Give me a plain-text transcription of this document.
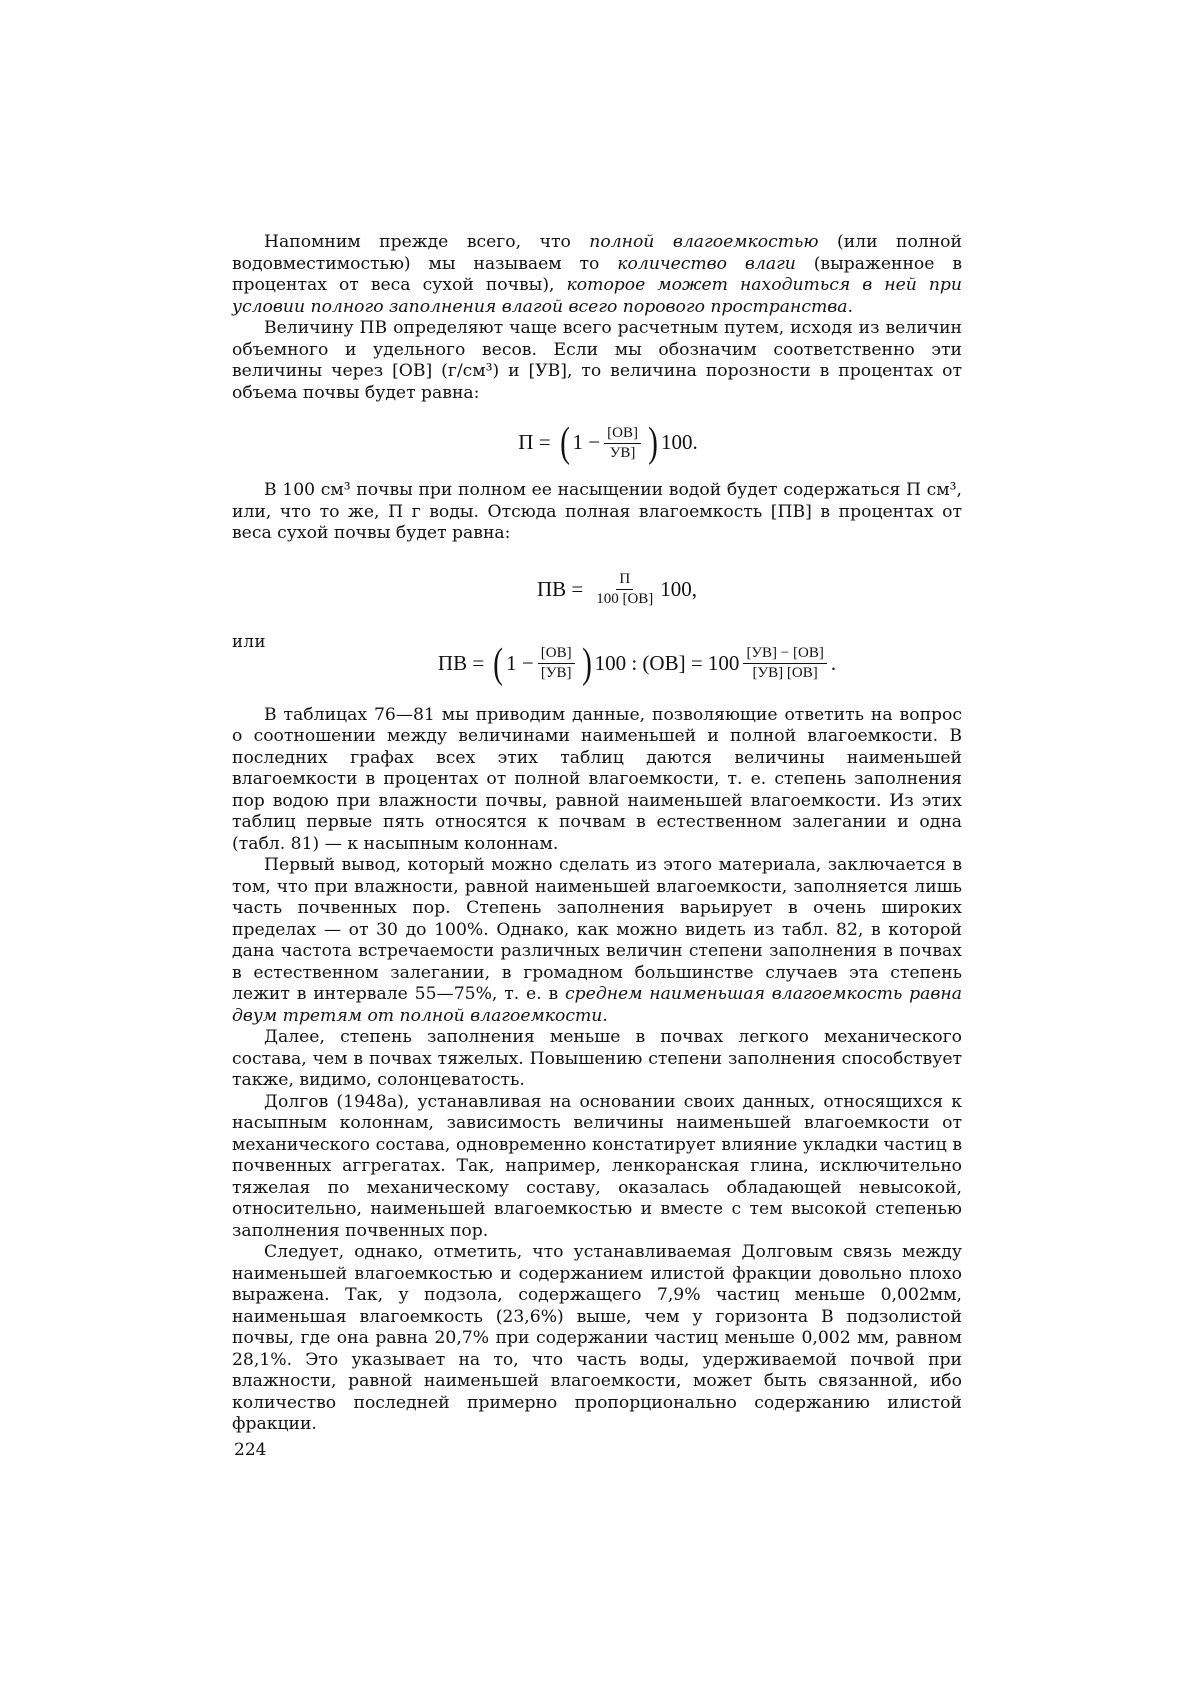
Напомним прежде всего, что полной влагоемкостью (или полной водовместимостью) мы называем то количество влаги (выраженное в процентах от веса сухой почвы), которое может находиться в ней при условии полного заполнения влагой всего порового пространства.

Величину ПВ определяют чаще всего расчетным путем, исходя из величин объемного и удельного весов. Если мы обозначим соответственно эти величины через [ОВ] (г/см³) и [УВ], то величина порозности в процентах от объема почвы будет равна:

П = ( $1 - \frac{[ОВ]}{УВ]}$ ) 100.

В 100 см³ почвы при полном ее насыщении водой будет содержаться П см³, или, что то же, П г воды. Отсюда полная влагоемкость [ПВ] в процентах от веса сухой почвы будет равна:

ПВ = $\frac{П}{100 [ОВ]} 100$,
или
ПВ = ( $1 - \frac{[ОВ]}{[УВ]}$ ) 100 : $(ОВ] = 100 \frac{[УВ] - [ОВ]}{[УВ] [ОВ]}$ .

В таблицах 76—81 мы приводим данные, позволяющие ответить на вопрос о соотношении между величинами наименьшей и полной влагоемкости. В последних графах всех этих таблиц даются величины наименьшей влагоемкости в процентах от полной влагоемкости, т. е. степень заполнения пор водою при влажности почвы, равной наименьшей влагоемкости. Из этих таблиц первые пять относятся к почвам в естественном залегании и одна (табл. 81) — к насыпным колоннам.

Первый вывод, который можно сделать из этого материала, заключается в том, что при влажности, равной наименьшей влагоемкости, заполняется лишь часть почвенных пор. Степень заполнения варьирует в очень широких пределах — от 30 до 100%. Однако, как можно видеть из табл. 82, в которой дана частота встречаемости различных величин степени заполнения в почвах в естественном залегании, в громадном большинстве случаев эта степень лежит в интервале 55—75%, т. е. в среднем наименьшая влагоемкость равна двум третям от полной влагоемкости.

Далее, степень заполнения меньше в почвах легкого механического состава, чем в почвах тяжелых. Повышению степени заполнения способствует также, видимо, солонцеватость.

Долгов (1948а), устанавливая на основании своих данных, относящихся к насыпным колоннам, зависимость величины наименьшей влагоемкости от механического состава, одновременно констатирует влияние укладки частиц в почвенных аггрегатах. Так, например, ленкоранская глина, исключительно тяжелая по механическому составу, оказалась обладающей невысокой, относительно, наименьшей влагоемкостью и вместе с тем высокой степенью заполнения почвенных пор.

Следует, однако, отметить, что устанавливаемая Долговым связь между наименьшей влагоемкостью и содержанием илистой фракции довольно плохо выражена. Так, у подзола, содержащего 7,9% частиц меньше 0,002мм, наименьшая влагоемкость (23,6%) выше, чем у горизонта В подзолистой почвы, где она равна 20,7% при содержании частиц меньше 0,002 мм, равном 28,1%. Это указывает на то, что часть воды, удерживаемой почвой при влажности, равной наименьшей влагоемкости, может быть связанной, ибо количество последней примерно пропорционально содержанию илистой фракции.

224
